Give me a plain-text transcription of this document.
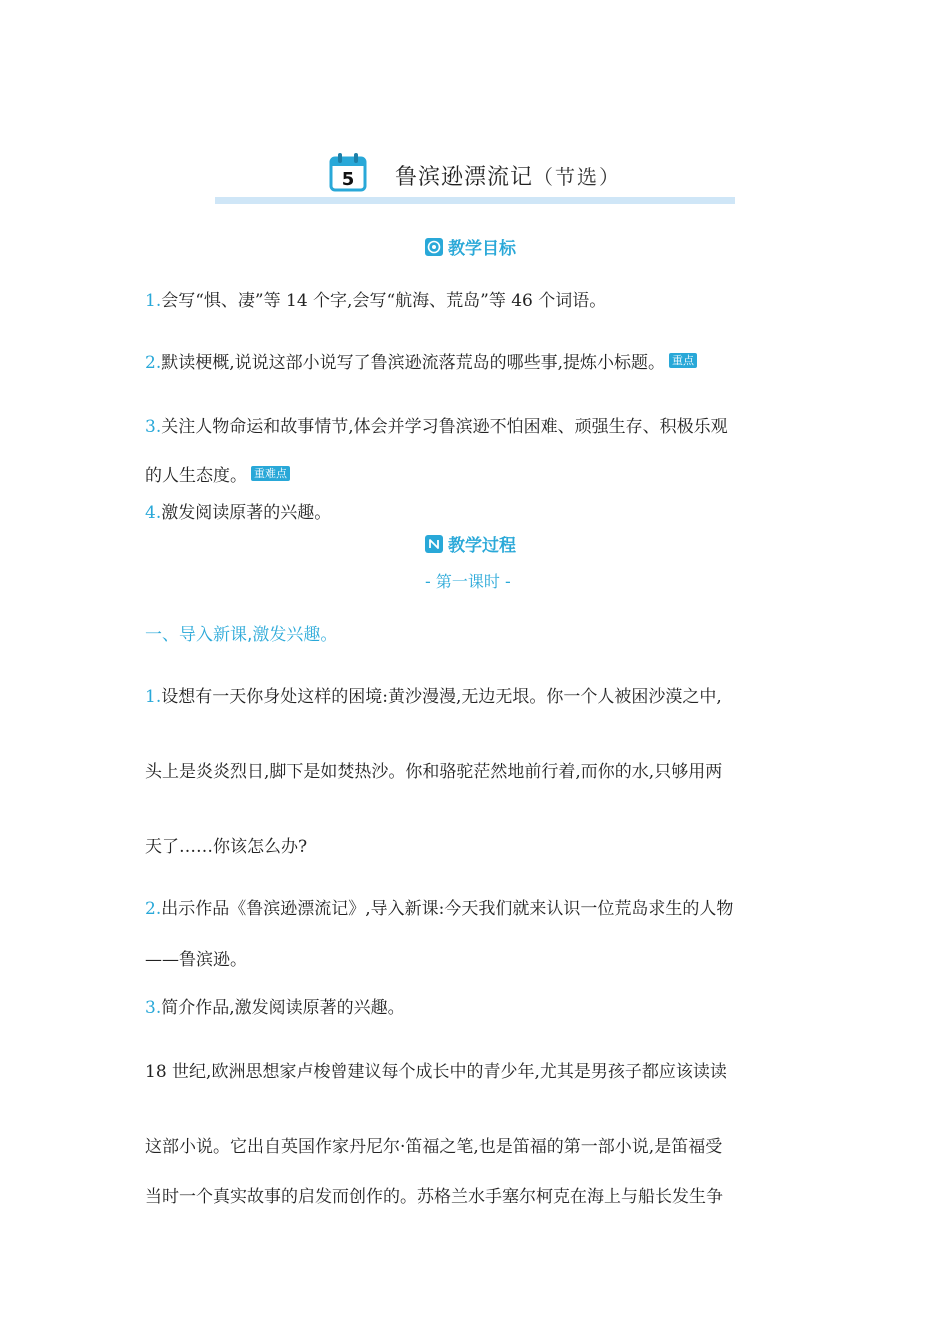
5 鲁滨逊漂流记（节选）
教学目标
1.会写“惧、凄”等 14 个字,会写“航海、荒岛”等 46 个词语。
2.默读梗概,说说这部小说写了鲁滨逊流落荒岛的哪些事,提炼小标题。 重点
3.关注人物命运和故事情节,体会并学习鲁滨逊不怕困难、顽强生存、积极乐观
的人生态度。 重难点
4.激发阅读原著的兴趣。
教学过程
- 第一课时 -
一、导入新课,激发兴趣。
1.设想有一天你身处这样的困境:黄沙漫漫,无边无垠。你一个人被困沙漠之中,
头上是炎炎烈日,脚下是如焚热沙。你和骆驼茫然地前行着,而你的水,只够用两
天了……你该怎么办?
2.出示作品《鲁滨逊漂流记》,导入新课:今天我们就来认识一位荒岛求生的人物
——鲁滨逊。
3.简介作品,激发阅读原著的兴趣。
18 世纪,欧洲思想家卢梭曾建议每个成长中的青少年,尤其是男孩子都应该读读
这部小说。它出自英国作家丹尼尔·笛福之笔,也是笛福的第一部小说,是笛福受
当时一个真实故事的启发而创作的。苏格兰水手塞尔柯克在海上与船长发生争
